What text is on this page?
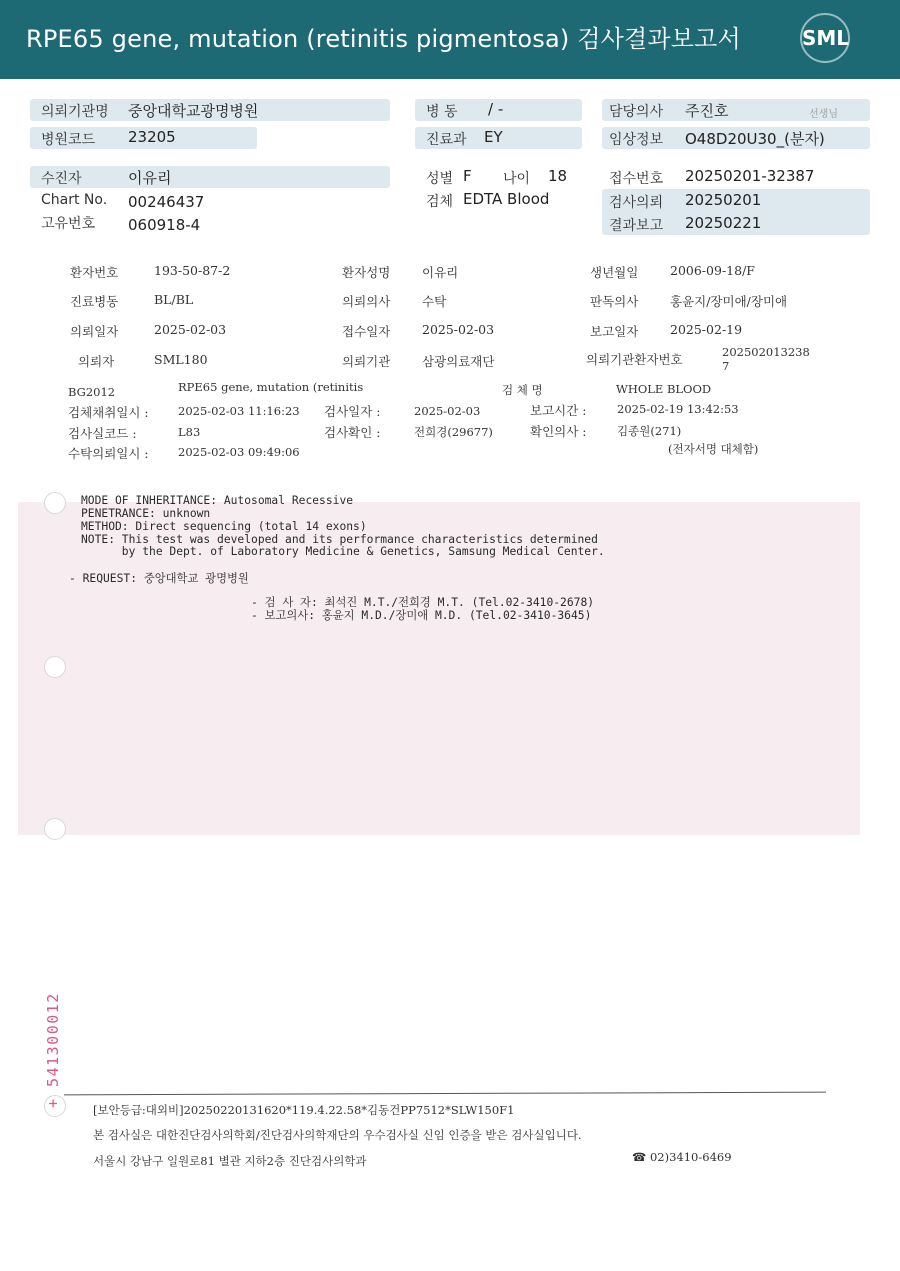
RPE65 gene, mutation (retinitis pigmentosa) 검사결과보고서	SML
의뢰기관명 중앙대학교광명병원
병원코드 23205
수진자	이유리
Chart No. 00246437
고유번호 060918-4
병 동 / -
진료과 EY
성별 F 나이 18
검체 EDTA Blood
담당의사 주진호	선생님
임상정보 O48D20U30_(분자)
접수번호 20250201-32387
검사의뢰 20250201
결과보고 20250221
환자번호	193-50-87-2	환자성명	이유리	생년월일	2006-09-18/F
진료병동	BL/BL	의뢰의사	수탁	판독의사	홍윤지/장미애/장미애
의뢰일자	2025-02-03	접수일자	2025-02-03	보고일자	2025-02-19
의뢰자	SML180	의뢰기관	삼광의료재단	의뢰기관환자번호	202502013238
7
BG2012	RPE65 gene, mutation (retinitis	검 체 명	WHOLE BLOOD
검체채취일시 :	2025-02-03 11:16:23 검사일자 :	2025-02-03	보고시간 :	2025-02-19 13:42:53
검사실코드 :	L83	검사확인 :	전희경(29677)	확인의사 :	김종원(271)
수탁의뢰일시 :	2025-02-03 09:49:06	(전자서명 대체함)
MODE OF INHERITANCE: Autosomal Recessive
PENETRANCE: unknown
METHOD: Direct sequencing (total 14 exons)
NOTE: This test was developed and its performance characteristics determined
by the Dept. of Laboratory Medicine & Genetics, Samsung Medical Center.
- REQUEST: 중앙대학교 광명병원
- 검 사 자: 최석진 M.T./전희경 M.T. (Tel.02-3410-2678)
- 보고의사: 홍윤지 M.D./장미애 M.D. (Tel.02-3410-3645)
+ 541300012
[보안등급:대외비]20250220131620*119.4.22.58*김동건PP7512*SLW150F1
본 검사실은 대한진단검사의학회/진단검사의학재단의 우수검사실 신임 인증을 받은 검사실입니다.
서울시 강남구 일원로81 별관 지하2층 진단검사의학과	☎ 02)3410-6469
